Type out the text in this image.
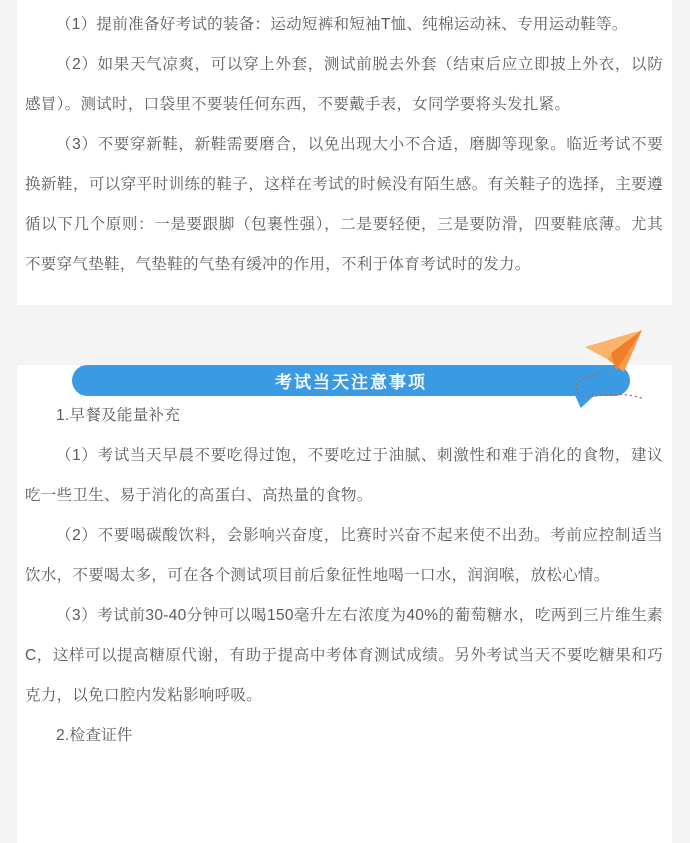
（1）提前准备好考试的装备：运动短裤和短袖T恤、纯棉运动袜、专用运动鞋等。

（2）如果天气凉爽，可以穿上外套，测试前脱去外套（结束后应立即披上外衣，以防感冒）。测试时，口袋里不要装任何东西，不要戴手表，女同学要将头发扎紧。

（3）不要穿新鞋，新鞋需要磨合，以免出现大小不合适，磨脚等现象。临近考试不要换新鞋，可以穿平时训练的鞋子，这样在考试的时候没有陌生感。有关鞋子的选择，主要遵循以下几个原则：一是要跟脚（包裹性强），二是要轻便，三是要防滑，四要鞋底薄。尤其不要穿气垫鞋，气垫鞋的气垫有缓冲的作用，不利于体育考试时的发力。

考试当天注意事项

1.早餐及能量补充

（1）考试当天早晨不要吃得过饱，不要吃过于油腻、刺激性和难于消化的食物，建议吃一些卫生、易于消化的高蛋白、高热量的食物。

（2）不要喝碳酸饮料，会影响兴奋度，比赛时兴奋不起来使不出劲。考前应控制适当饮水，不要喝太多，可在各个测试项目前后象征性地喝一口水，润润喉，放松心情。

（3）考试前30-40分钟可以喝150毫升左右浓度为40%的葡萄糖水，吃两到三片维生素C，这样可以提高糖原代谢，有助于提高中考体育测试成绩。另外考试当天不要吃糖果和巧克力，以免口腔内发粘影响呼吸。

2.检查证件
